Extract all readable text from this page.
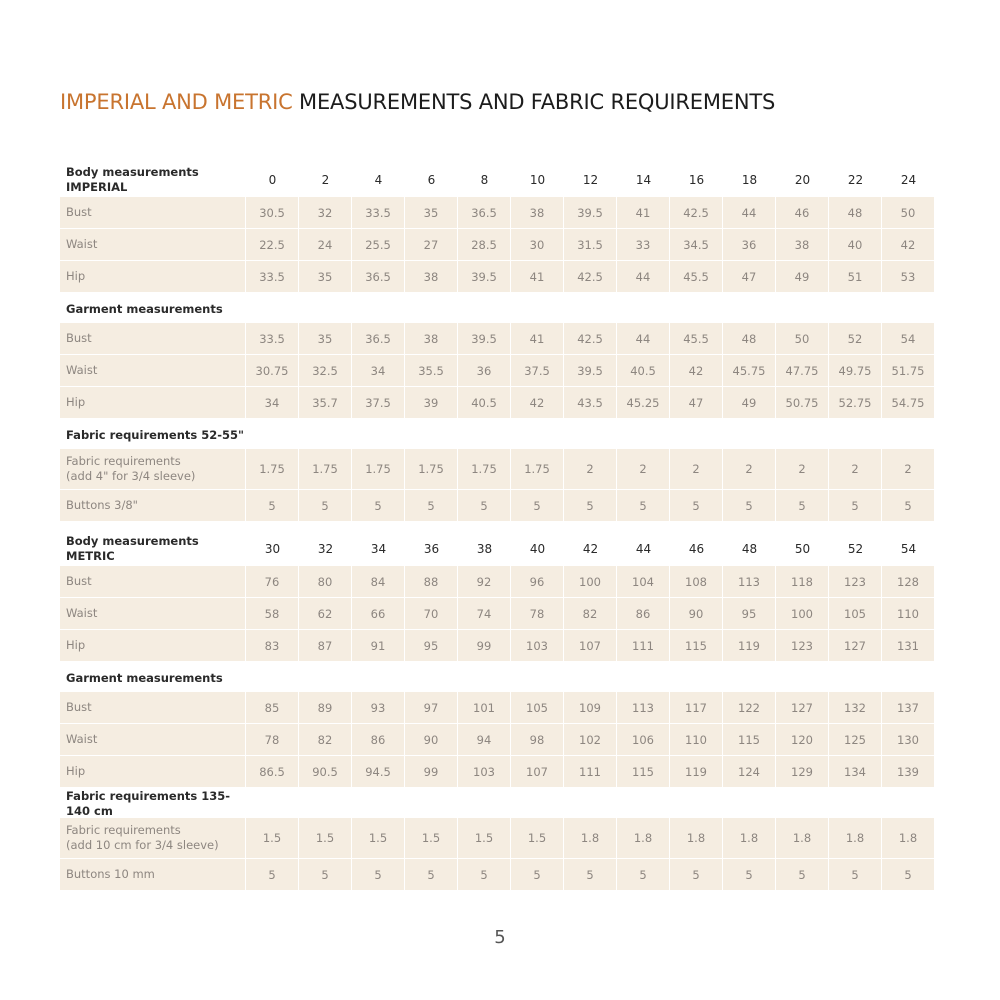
IMPERIAL AND METRIC MEASUREMENTS AND FABRIC REQUIREMENTS
Body measurements IMPERIAL	0	2	4	6	8	10	12	14	16	18	20	22	24
Bust	30.5	32	33.5	35	36.5	38	39.5	41	42.5	44	46	48	50
Waist	22.5	24	25.5	27	28.5	30	31.5	33	34.5	36	38	40	42
Hip	33.5	35	36.5	38	39.5	41	42.5	44	45.5	47	49	51	53
Garment measurements
Bust	33.5	35	36.5	38	39.5	41	42.5	44	45.5	48	50	52	54
Waist	30.75	32.5	34	35.5	36	37.5	39.5	40.5	42	45.75	47.75	49.75	51.75
Hip	34	35.7	37.5	39	40.5	42	43.5	45.25	47	49	50.75	52.75	54.75
Fabric requirements 52-55"
Fabric requirements
(add 4" for 3/4 sleeve)	1.75	1.75	1.75	1.75	1.75	1.75	2	2	2	2	2	2	2
Buttons 3/8"	5	5	5	5	5	5	5	5	5	5	5	5	5
Body measurements METRIC	30	32	34	36	38	40	42	44	46	48	50	52	54
Bust	76	80	84	88	92	96	100	104	108	113	118	123	128
Waist	58	62	66	70	74	78	82	86	90	95	100	105	110
Hip	83	87	91	95	99	103	107	111	115	119	123	127	131
Garment measurements
Bust	85	89	93	97	101	105	109	113	117	122	127	132	137
Waist	78	82	86	90	94	98	102	106	110	115	120	125	130
Hip	86.5	90.5	94.5	99	103	107	111	115	119	124	129	134	139
Fabric requirements 135-140 cm
Fabric requirements
(add 10 cm for 3/4 sleeve)	1.5	1.5	1.5	1.5	1.5	1.5	1.8	1.8	1.8	1.8	1.8	1.8	1.8
Buttons 10 mm	5	5	5	5	5	5	5	5	5	5	5	5	5
5
